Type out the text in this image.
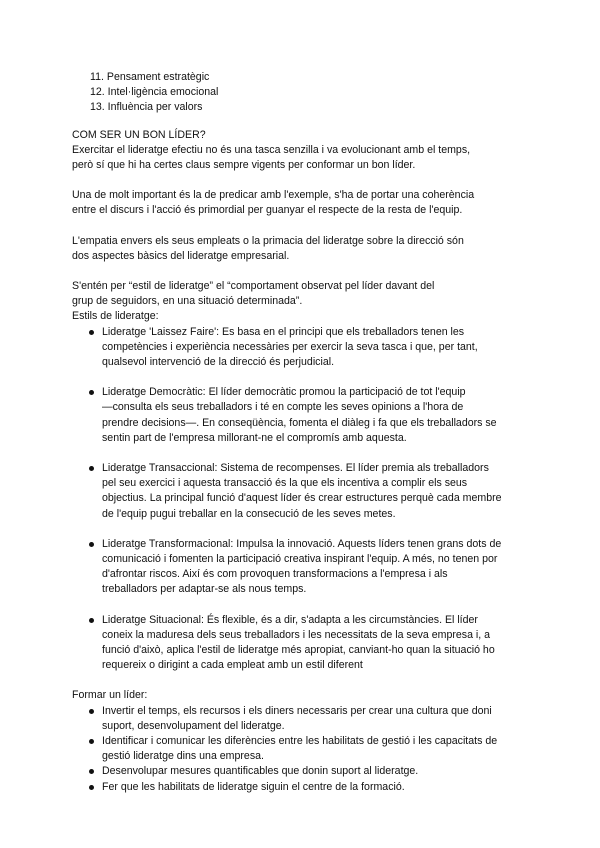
11. Pensament estratègic
12. Intel·ligència emocional
13. Influència per valors
COM SER UN BON LÍDER?
Exercitar el lideratge efectiu no és una tasca senzilla i va evolucionant amb el temps,
però sí que hi ha certes claus sempre vigents per conformar un bon líder.
Una de molt important és la de predicar amb l'exemple, s'ha de portar una coherència
entre el discurs i l'acció és primordial per guanyar el respecte de la resta de l'equip.
L'empatia envers els seus empleats o la primacia del lideratge sobre la direcció són
dos aspectes bàsics del lideratge empresarial.
S'entén per “estil de lideratge” el “comportament observat pel líder davant del
grup de seguidors, en una situació determinada”.
Estils de lideratge:
Lideratge 'Laissez Faire': Es basa en el principi que els treballadors tenen les
competències i experiència necessàries per exercir la seva tasca i que, per tant,
qualsevol intervenció de la direcció és perjudicial.
Lideratge Democràtic: El líder democràtic promou la participació de tot l'equip
—consulta els seus treballadors i té en compte les seves opinions a l'hora de
prendre decisions—. En conseqüència, fomenta el diàleg i fa que els treballadors se
sentin part de l'empresa millorant-ne el compromís amb aquesta.
Lideratge Transaccional: Sistema de recompenses. El líder premia als treballadors
pel seu exercici i aquesta transacció és la que els incentiva a complir els seus
objectius. La principal funció d'aquest líder és crear estructures perquè cada membre
de l'equip pugui treballar en la consecució de les seves metes.
Lideratge Transformacional: Impulsa la innovació. Aquests líders tenen grans dots de
comunicació i fomenten la participació creativa inspirant l'equip. A més, no tenen por
d'afrontar riscos. Així és com provoquen transformacions a l'empresa i als
treballadors per adaptar-se als nous temps.
Lideratge Situacional: És flexible, és a dir, s'adapta a les circumstàncies. El líder
coneix la maduresa dels seus treballadors i les necessitats de la seva empresa i, a
funció d'això, aplica l'estil de lideratge més apropiat, canviant-ho quan la situació ho
requereix o dirigint a cada empleat amb un estil diferent
Formar un líder:
Invertir el temps, els recursos i els diners necessaris per crear una cultura que doni
suport, desenvolupament del lideratge.
Identificar i comunicar les diferències entre les habilitats de gestió i les capacitats de
gestió lideratge dins una empresa.
Desenvolupar mesures quantificables que donin suport al lideratge.
Fer que les habilitats de lideratge siguin el centre de la formació.
